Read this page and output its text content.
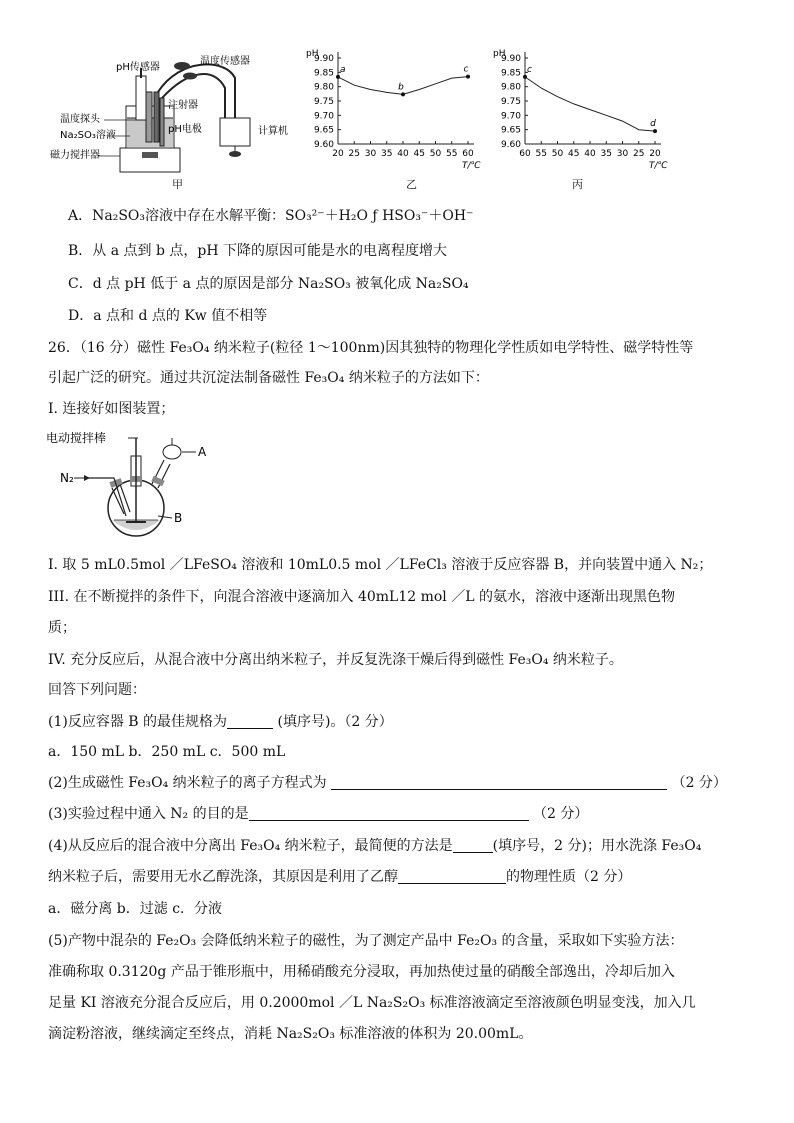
pH传感器
温度传感器
注射器
温度探头
pH电极
Na₂SO₃溶液
磁力搅拌器
计算机
甲
pH
9.60
9.65
9.70
9.75
9.80
9.85
9.90
20 25 30 35 40 45 50 55 60
T/℃
a
b
c
乙
pH
9.60
9.65
9.70
9.75
9.80
9.85
9.90
60 55 50 45 40 35 30 25 20
T/℃
c
d
丙
A．Na₂SO₃溶液中存在水解平衡：SO₃²⁻＋H₂O ƒ HSO₃⁻＋OH⁻
B．从 a 点到 b 点，pH 下降的原因可能是水的电离程度增大
C．d 点 pH 低于 a 点的原因是部分 Na₂SO₃ 被氧化成 Na₂SO₄
D．a 点和 d 点的 Kw 值不相等
26．（16 分）磁性 Fe₃O₄ 纳米粒子(粒径 1～100nm)因其独特的物理化学性质如电学特性、磁学特性等
引起广泛的研究。通过共沉淀法制备磁性 Fe₃O₄ 纳米粒子的方法如下：
I. 连接好如图装置；
电动搅拌棒
N₂
A
B
I. 取 5 mL0.5mol ／LFeSO₄ 溶液和 10mL0.5 mol ／LFeCl₃ 溶液于反应容器 B，并向装置中通入 N₂；
III. 在不断搅拌的条件下，向混合溶液中逐滴加入 40mL12 mol ／L 的氨水，溶液中逐渐出现黑色物
质；
IV. 充分反应后，从混合液中分离出纳米粒子，并反复洗涤干燥后得到磁性 Fe₃O₄ 纳米粒子。
回答下列问题：
(1)反应容器 B 的最佳规格为	(填序号)。（2 分）
a．150 mL b．250 mL c．500 mL
(2)生成磁性 Fe₃O₄ 纳米粒子的离子方程式为	（2 分）
(3)实验过程中通入 N₂ 的目的是	（2 分）
(4)从反应后的混合液中分离出 Fe₃O₄ 纳米粒子，最简便的方法是	(填序号，2 分)；用水洗涤 Fe₃O₄
纳米粒子后，需要用无水乙醇洗涤，其原因是利用了乙醇	的物理性质（2 分）
a．磁分离 b．过滤 c．分液
(5)产物中混杂的 Fe₂O₃ 会降低纳米粒子的磁性，为了测定产品中 Fe₂O₃ 的含量，采取如下实验方法：
准确称取 0.3120g 产品于锥形瓶中，用稀硝酸充分浸取，再加热使过量的硝酸全部逸出，冷却后加入
足量 KI 溶液充分混合反应后，用 0.2000mol ／L Na₂S₂O₃ 标准溶液滴定至溶液颜色明显变浅，加入几
滴淀粉溶液，继续滴定至终点，消耗 Na₂S₂O₃ 标准溶液的体积为 20.00mL。
